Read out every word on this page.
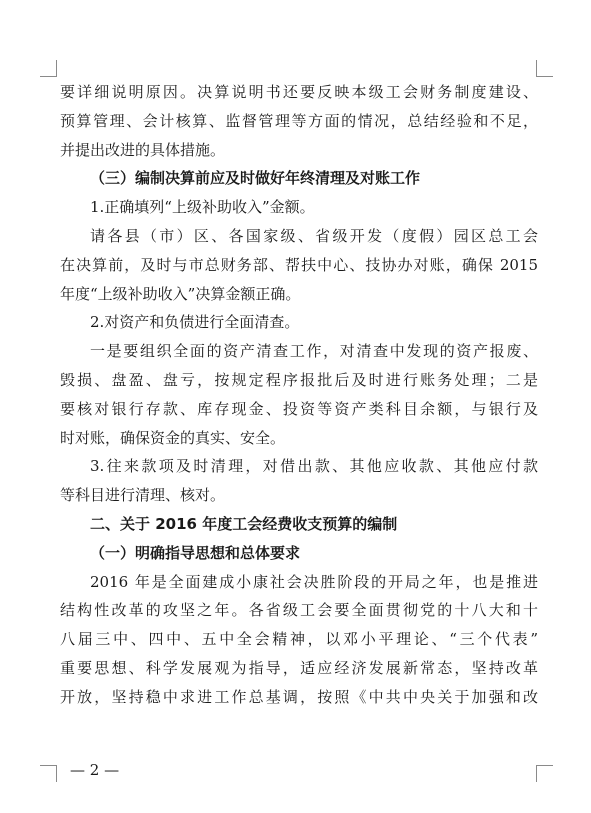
要详细说明原因。决算说明书还要反映本级工会财务制度建设、
预算管理、会计核算、监督管理等方面的情况，总结经验和不足，
并提出改进的具体措施。
（三）编制决算前应及时做好年终清理及对账工作
1.正确填列“上级补助收入”金额。
请各县（市）区、各国家级、省级开发（度假）园区总工会
在决算前，及时与市总财务部、帮扶中心、技协办对账，确保 2015
年度“上级补助收入”决算金额正确。
2.对资产和负债进行全面清查。
一是要组织全面的资产清查工作，对清查中发现的资产报废、
毁损、盘盈、盘亏，按规定程序报批后及时进行账务处理；二是
要核对银行存款、库存现金、投资等资产类科目余额，与银行及
时对账，确保资金的真实、安全。
3.往来款项及时清理，对借出款、其他应收款、其他应付款
等科目进行清理、核对。
二、关于 2016 年度工会经费收支预算的编制
（一）明确指导思想和总体要求
2016 年是全面建成小康社会决胜阶段的开局之年，也是推进
结构性改革的攻坚之年。各省级工会要全面贯彻党的十八大和十
八届三中、四中、五中全会精神，以邓小平理论、“三个代表”
重要思想、科学发展观为指导，适应经济发展新常态，坚持改革
开放，坚持稳中求进工作总基调，按照《中共中央关于加强和改
— 2 —
